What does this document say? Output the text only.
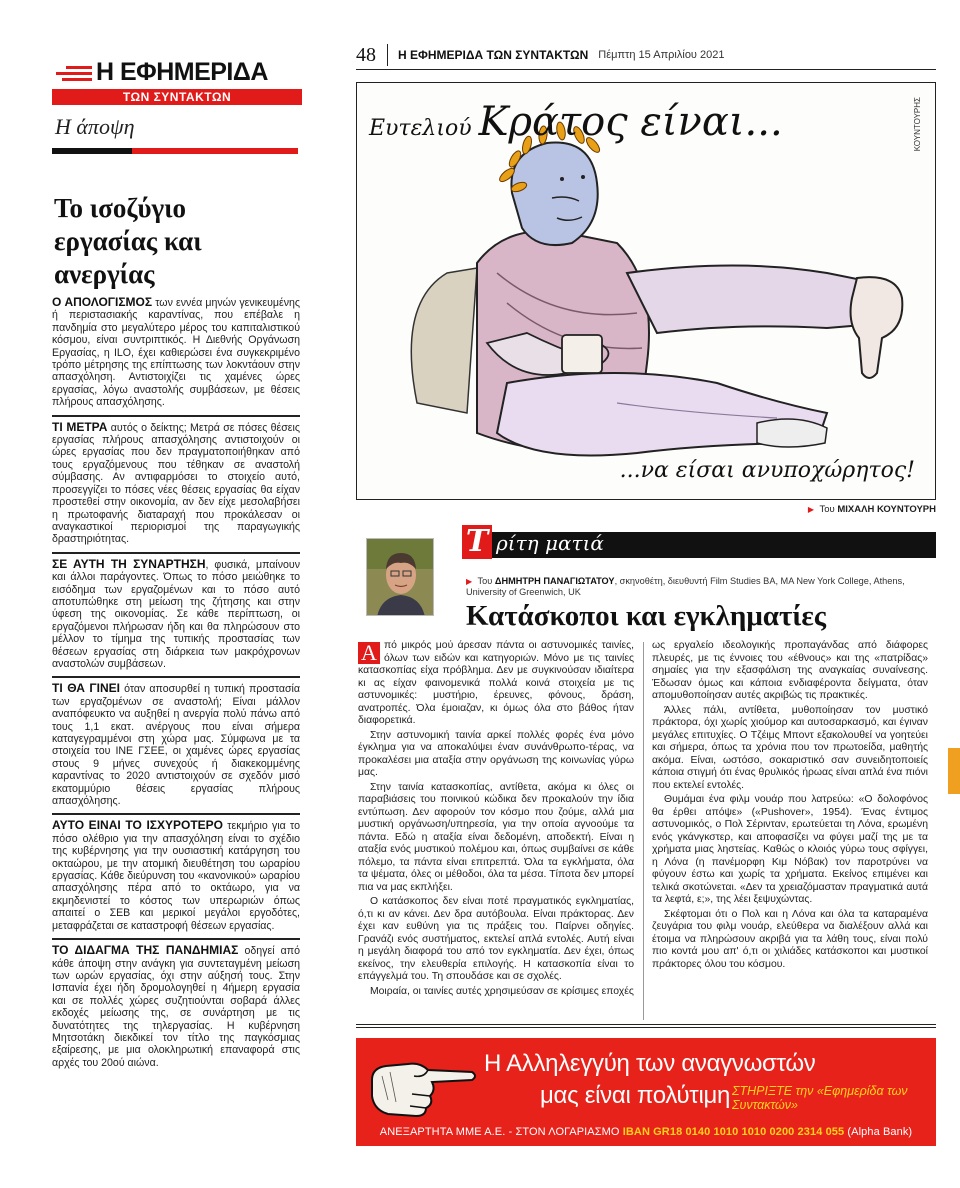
Η ΕΦΗΜΕΡΙΔΑ
ΤΩΝ ΣΥΝΤΑΚΤΩΝ
Η άποψη
Το ισοζύγιο εργασίας και ανεργίας

Ο ΑΠΟΛΟΓΙΣΜΟΣ των εννέα μηνών γενικευμένης ή περιστασιακής καραντίνας, που επέβαλε η πανδημία στο μεγαλύτερο μέρος του καπιταλιστικού κόσμου, είναι συντριπτικός. Η Διεθνής Οργάνωση Εργασίας, η ILO, έχει καθιερώσει ένα συγκεκριμένο τρόπο μέτρησης της επίπτωσης των λοκντάουν στην απασχόληση. Αντιστοιχίζει τις χαμένες ώρες εργασίας, λόγω αναστολής συμβάσεων, με θέσεις πλήρους απασχόλησης.

ΤΙ ΜΕΤΡΑ αυτός ο δείκτης; Μετρά σε πόσες θέσεις εργασίας πλήρους απασχόλησης αντιστοιχούν οι ώρες εργασίας που δεν πραγματοποιήθηκαν από τους εργαζόμενους που τέθηκαν σε αναστολή σύμβασης. Αν αντιφαρμόσει το στοιχείο αυτό, προσεγγίζει το πόσες νέες θέσεις εργασίας θα είχαν προστεθεί στην οικονομία, αν δεν είχε μεσολαβήσει η πρωτοφανής διαταραχή που προκάλεσαν οι αναγκαστικοί περιορισμοί της παραγωγικής δραστηριότητας.

ΣΕ ΑΥΤΗ ΤΗ ΣΥΝΑΡΤΗΣΗ, φυσικά, μπαίνουν και άλλοι παράγοντες. Όπως το πόσο μειώθηκε το εισόδημα των εργαζομένων και το πόσο αυτό αποτυπώθηκε στη μείωση της ζήτησης και στην ύφεση της οικονομίας. Σε κάθε περίπτωση, οι εργαζόμενοι πλήρωσαν ήδη και θα πληρώσουν στο μέλλον το τίμημα της τυπικής προστασίας των θέσεων εργασίας στη διάρκεια των μακρόχρονων αναστολών συμβάσεων.

ΤΙ ΘΑ ΓΙΝΕΙ όταν αποσυρθεί η τυπική προστασία των εργαζομένων σε αναστολή; Είναι μάλλον αναπόφευκτο να αυξηθεί η ανεργία πολύ πάνω από τους 1,1 εκατ. ανέργους που είναι σήμερα καταγεγραμμένοι στη χώρα μας. Σύμφωνα με τα στοιχεία του ΙΝΕ ΓΣΕΕ, οι χαμένες ώρες εργασίας στους 9 μήνες συνεχούς ή διακεκομμένης καραντίνας το 2020 αντιστοιχούν σε σχεδόν μισό εκατομμύριο θέσεις εργασίας πλήρους απασχόλησης.

ΑΥΤΟ ΕΙΝΑΙ ΤΟ ΙΣΧΥΡΟΤΕΡΟ τεκμήριο για το πόσο ολέθριο για την απασχόληση είναι το σχέδιο της κυβέρνησης για την ουσιαστική κατάργηση του οκταώρου, με την ατομική διευθέτηση του ωραρίου εργασίας. Κάθε διεύρυνση του «κανονικού» ωραρίου απασχόλησης πέρα από το οκτάωρο, για να εκμηδενιστεί το κόστος των υπερωριών όπως απαιτεί ο ΣΕΒ και μερικοί μεγάλοι εργοδότες, μεταφράζεται σε καταστροφή θέσεων εργασίας.

ΤΟ ΔΙΔΑΓΜΑ ΤΗΣ ΠΑΝΔΗΜΙΑΣ οδηγεί από κάθε άποψη στην ανάγκη για συντεταγμένη μείωση των ωρών εργασίας, όχι στην αύξησή τους. Στην Ισπανία έχει ήδη δρομολογηθεί η 4ήμερη εργασία και σε πολλές χώρες συζητιούνται σοβαρά άλλες εκδοχές μείωσης της, σε συνάρτηση με τις δυνατότητες της τηλεργασίας. Η κυβέρνηση Μητσοτάκη διεκδικεί τον τίτλο της παγκόσμιας εξαίρεσης, με μια ολοκληρωτική επαναφορά στις αρχές του 20ού αιώνα.

48	Η ΕΦΗΜΕΡΙΔΑ ΤΩΝ ΣΥΝΤΑΚΤΩΝ Πέμπτη 15 Απριλίου 2021
Ευτελιού Κράτος είναι...
...να είσαι ανυποχώρητος!
ΚΟΥΝΤΟΥΡΗΣ
▶ Του ΜΙΧΑΛΗ ΚΟΥΝΤΟΥΡΗ
Τ ρίτη ματιά
▶ Του ΔΗΜΗΤΡΗ ΠΑΝΑΓΙΩΤΑΤΟΥ, σκηνοθέτη, διευθυντή Film Studies BA, MA New York College, Athens, University of Greenwich, UK
Κατάσκοποι και εγκληματίες

Α πό μικρός μού άρεσαν πάντα οι αστυνομικές ταινίες, όλων των ειδών και κατηγοριών. Μόνο με τις ταινίες κατασκοπίας είχα πρόβλημα. Δεν με συγκινούσαν ιδιαίτερα κι ας είχαν φαινομενικά πολλά κοινά στοιχεία με τις αστυνομικές: μυστήριο, έρευνες, φόνους, δράση, ανατροπές. Όλα έμοιαζαν, κι όμως όλα στο βάθος ήταν διαφορετικά.

Στην αστυνομική ταινία αρκεί πολλές φορές ένα μόνο έγκλημα για να αποκαλύψει έναν συνάνθρωπο-τέρας, να προκαλέσει μια αταξία στην οργάνωση της κοινωνίας γύρω μας.

Στην ταινία κατασκοπίας, αντίθετα, ακόμα κι όλες οι παραβιάσεις του ποινικού κώδικα δεν προκαλούν την ίδια εντύπωση. Δεν αφορούν τον κόσμο που ζούμε, αλλά μια μυστική οργάνωση/υπηρεσία, για την οποία αγνοούμε τα πάντα. Εδώ η αταξία είναι δεδομένη, αποδεκτή. Είναι η αταξία ενός μυστικού πολέμου και, όπως συμβαίνει σε κάθε πόλεμο, τα πάντα είναι επιτρεπτά. Όλα τα εγκλήματα, όλα τα ψέματα, όλες οι μέθοδοι, όλα τα μέσα. Τίποτα δεν μπορεί πια να μας εκπλήξει.

Ο κατάσκοπος δεν είναι ποτέ πραγματικός εγκληματίας, ό,τι κι αν κάνει. Δεν δρα αυτόβουλα. Είναι πράκτορας. Δεν έχει καν ευθύνη για τις πράξεις του. Παίρνει οδηγίες. Γρανάζι ενός συστήματος, εκτελεί απλά εντολές. Αυτή είναι η μεγάλη διαφορά του από τον εγκληματία. Δεν έχει, όπως εκείνος, την ελευθερία επιλογής. Η κατασκοπία είναι το επάγγελμά του. Τη σπουδάσε και σε σχολές.

Μοιραία, οι ταινίες αυτές χρησιμεύσαν σε κρίσιμες εποχές

ως εργαλείο ιδεολογικής προπαγάνδας από διάφορες πλευρές, με τις έννοιες του «έθνους» και της «πατρίδας» σημαίες για την εξασφάλιση της αναγκαίας συναίνεσης. Έδωσαν όμως και κάποια ενδιαφέροντα δείγματα, όταν απομυθοποίησαν αυτές ακριβώς τις πρακτικές.

Άλλες πάλι, αντίθετα, μυθοποίησαν τον μυστικό πράκτορα, όχι χωρίς χιούμορ και αυτοσαρκασμό, και έγιναν μεγάλες επιτυχίες. Ο Τζέιμς Μποντ εξακολουθεί να γοητεύει και σήμερα, όπως τα χρόνια που τον πρωτοείδα, μαθητής ακόμα. Είναι, ωστόσο, σοκαριστικό σαν συνειδητοποιείς κάποια στιγμή ότι ένας θρυλικός ήρωας είναι απλά ένα πιόνι που εκτελεί εντολές.

Θυμάμαι ένα φιλμ νουάρ που λατρεύω: «Ο δολοφόνος θα έρθει απόψε» («Pushover», 1954). Ένας έντιμος αστυνομικός, ο Πολ Σέρινταν, ερωτεύεται τη Λόνα, ερωμένη ενός γκάνγκστερ, και αποφασίζει να φύγει μαζί της με τα χρήματα μιας ληστείας. Καθώς ο κλοιός γύρω τους σφίγγει, η Λόνα (η πανέμορφη Κιμ Νόβακ) τον παροτρύνει να φύγουν έστω και χωρίς τα χρήματα. Εκείνος επιμένει και τελικά σκοτώνεται. «Δεν τα χρειαζόμασταν πραγματικά αυτά τα λεφτά, ε;», της λέει ξεψυχώντας.

Σκέφτομαι ότι ο Πολ και η Λόνα και όλα τα καταραμένα ζευγάρια του φιλμ νουάρ, ελεύθερα να διαλέξουν αλλά και έτοιμα να πληρώσουν ακριβά για τα λάθη τους, είναι πολύ πιο κοντά μου απ' ό,τι οι χιλιάδες κατάσκοποι και μυστικοί πράκτορες όλου του κόσμου.

Η Αλληλεγγύη των αναγνωστών
μας είναι πολύτιμη ΣΤΗΡΙΞΤΕ την «Εφημερίδα των Συντακτών»
ΑΝΕΞΑΡΤΗΤΑ ΜΜΕ Α.Ε. - ΣΤΟΝ ΛΟΓΑΡΙΑΣΜΟ IBAN GR18 0140 1010 1010 0200 2314 055 (Alpha Bank)
